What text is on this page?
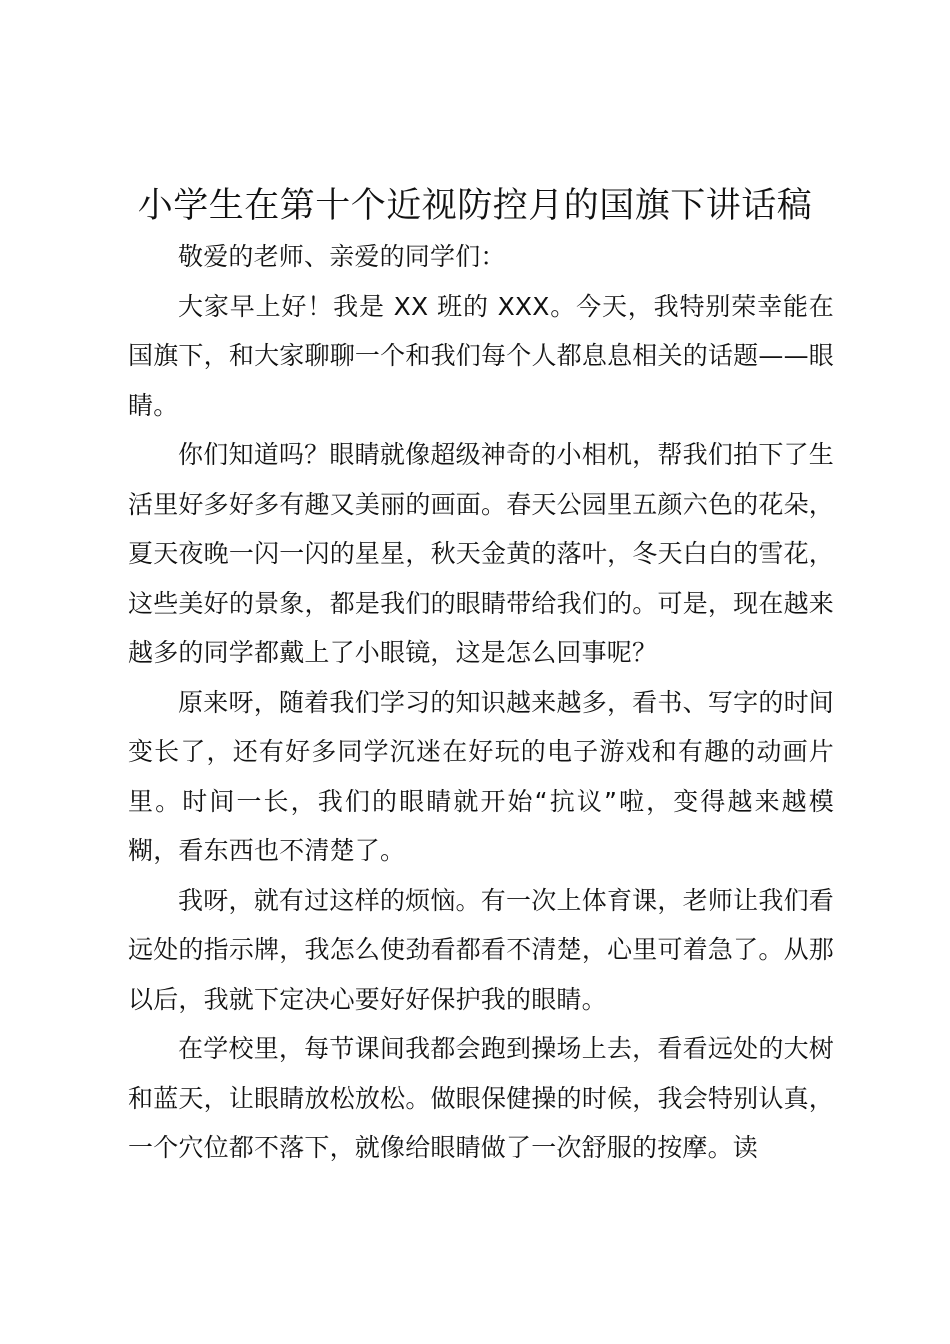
小学生在第十个近视防控月的国旗下讲话稿

敬爱的老师、亲爱的同学们：

大家早上好！我是 XX 班的 XXX。今天，我特别荣幸能在国旗下，和大家聊聊一个和我们每个人都息息相关的话题——眼睛。

你们知道吗？眼睛就像超级神奇的小相机，帮我们拍下了生活里好多好多有趣又美丽的画面。春天公园里五颜六色的花朵，夏天夜晚一闪一闪的星星，秋天金黄的落叶，冬天白白的雪花，这些美好的景象，都是我们的眼睛带给我们的。可是，现在越来越多的同学都戴上了小眼镜，这是怎么回事呢？

原来呀，随着我们学习的知识越来越多，看书、写字的时间变长了，还有好多同学沉迷在好玩的电子游戏和有趣的动画片里。时间一长，我们的眼睛就开始“抗议”啦，变得越来越模糊，看东西也不清楚了。

我呀，就有过这样的烦恼。有一次上体育课，老师让我们看远处的指示牌，我怎么使劲看都看不清楚，心里可着急了。从那以后，我就下定决心要好好保护我的眼睛。

在学校里，每节课间我都会跑到操场上去，看看远处的大树和蓝天，让眼睛放松放松。做眼保健操的时候，我会特别认真，一个穴位都不落下，就像给眼睛做了一次舒服的按摩。读
